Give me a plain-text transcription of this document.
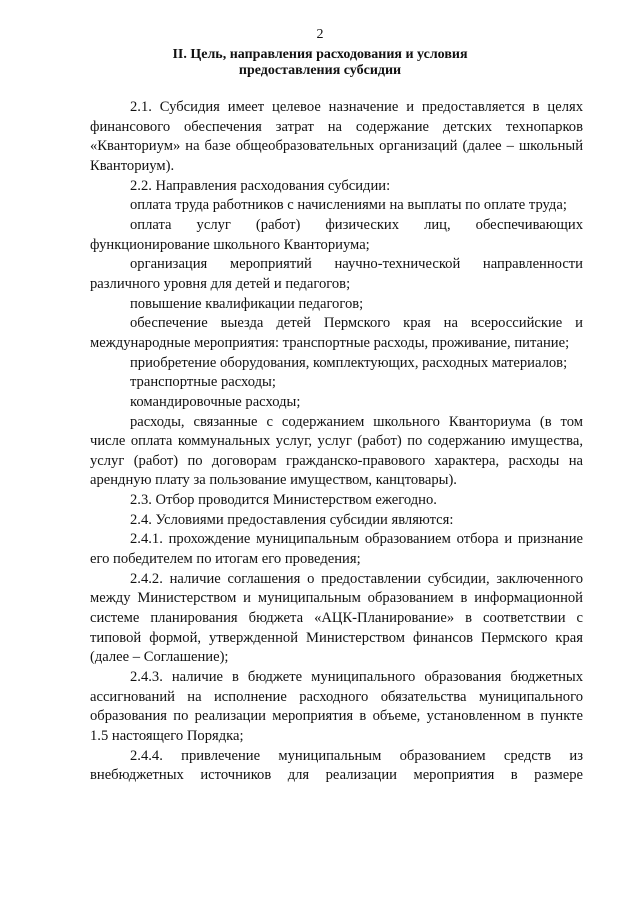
2
II. Цель, направления расходования и условия
предоставления субсидии

2.1. Субсидия имеет целевое назначение и предоставляется в целях финансового обеспечения затрат на содержание детских технопарков «Кванториум» на базе общеобразовательных организаций (далее – школьный Кванториум).

2.2. Направления расходования субсидии:

оплата труда работников с начислениями на выплаты по оплате труда;

оплата услуг (работ) физических лиц, обеспечивающих функционирование школьного Кванториума;

организация мероприятий научно-технической направленности различного уровня для детей и педагогов;

повышение квалификации педагогов;

обеспечение выезда детей Пермского края на всероссийские и международные мероприятия: транспортные расходы, проживание, питание;

приобретение оборудования, комплектующих, расходных материалов;

транспортные расходы;

командировочные расходы;

расходы, связанные с содержанием школьного Кванториума (в том числе оплата коммунальных услуг, услуг (работ) по содержанию имущества, услуг (работ) по договорам гражданско-правового характера, расходы на арендную плату за пользование имуществом, канцтовары).

2.3. Отбор проводится Министерством ежегодно.

2.4. Условиями предоставления субсидии являются:

2.4.1. прохождение муниципальным образованием отбора и признание его победителем по итогам его проведения;

2.4.2. наличие соглашения о предоставлении субсидии, заключенного между Министерством и муниципальным образованием в информационной системе планирования бюджета «АЦК-Планирование» в соответствии с типовой формой, утвержденной Министерством финансов Пермского края (далее – Соглашение);

2.4.3. наличие в бюджете муниципального образования бюджетных ассигнований на исполнение расходного обязательства муниципального образования по реализации мероприятия в объеме, установленном в пункте 1.5 настоящего Порядка;

2.4.4. привлечение муниципальным образованием средств из внебюджетных источников для реализации мероприятия в размере
